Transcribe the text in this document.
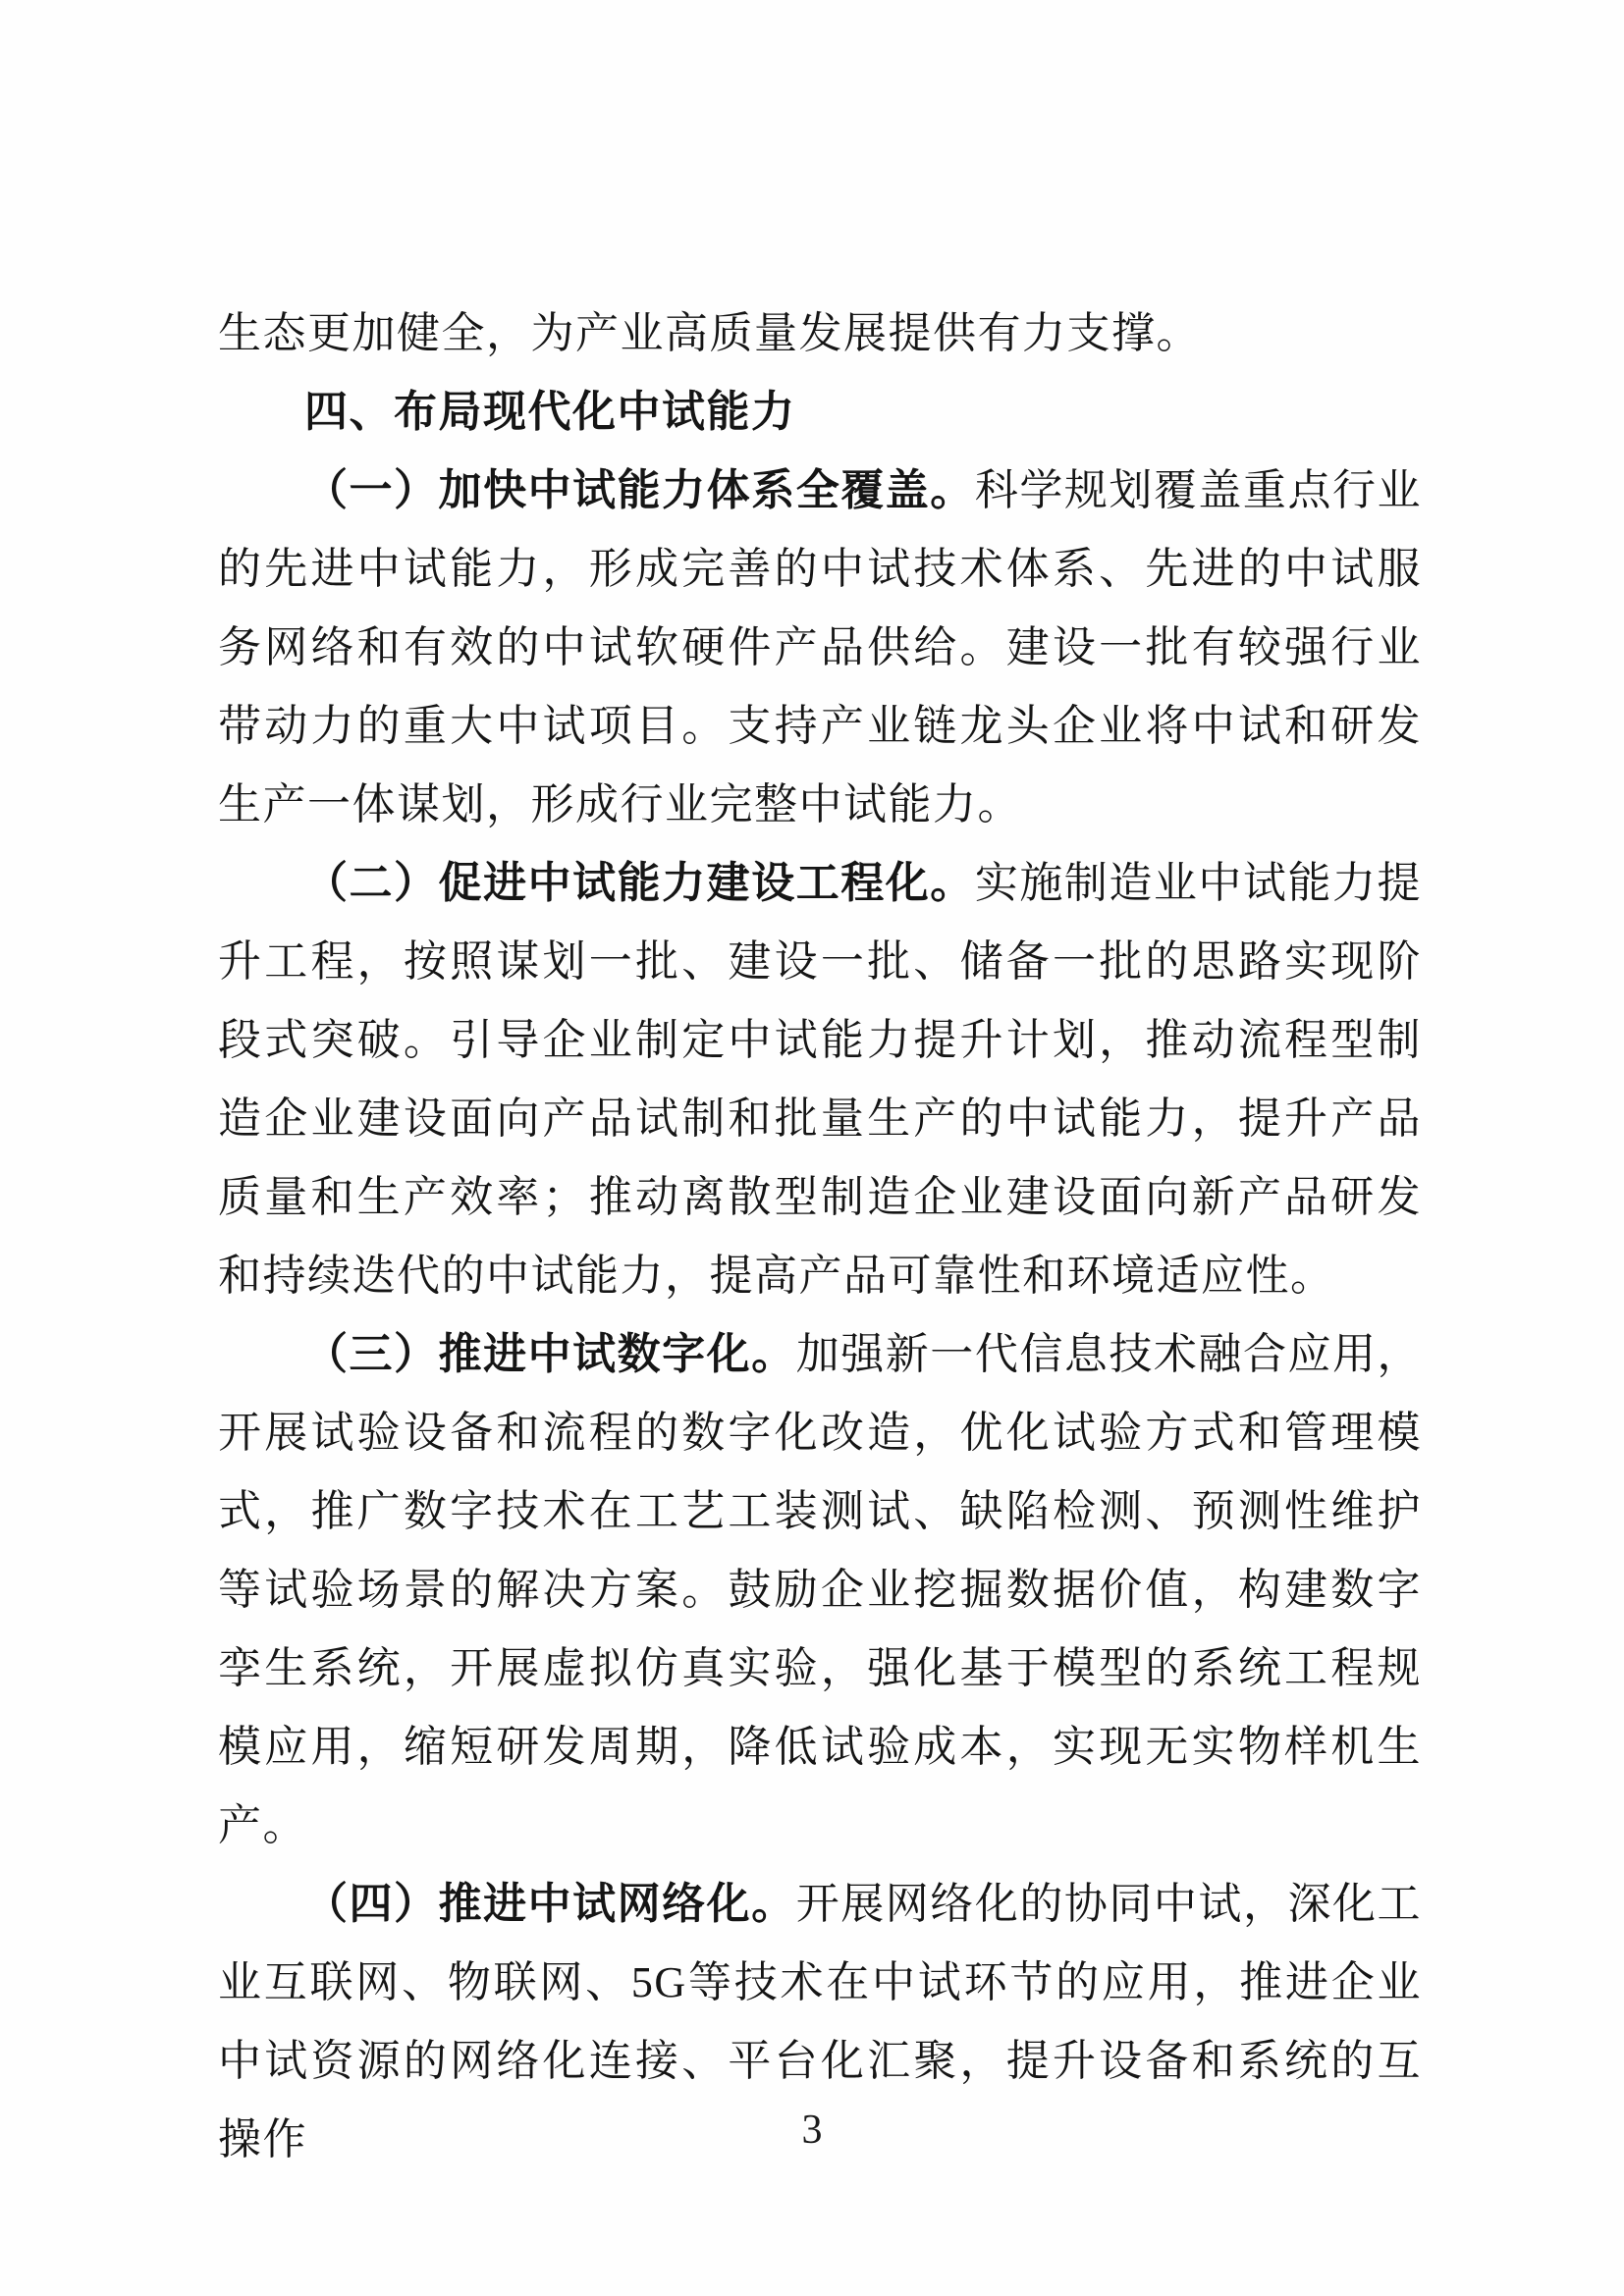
生态更加健全，为产业高质量发展提供有力支撑。

四、布局现代化中试能力

（一）加快中试能力体系全覆盖。科学规划覆盖重点行业的先进中试能力，形成完善的中试技术体系、先进的中试服务网络和有效的中试软硬件产品供给。建设一批有较强行业带动力的重大中试项目。支持产业链龙头企业将中试和研发生产一体谋划，形成行业完整中试能力。

（二）促进中试能力建设工程化。实施制造业中试能力提升工程，按照谋划一批、建设一批、储备一批的思路实现阶段式突破。引导企业制定中试能力提升计划，推动流程型制造企业建设面向产品试制和批量生产的中试能力，提升产品质量和生产效率；推动离散型制造企业建设面向新产品研发和持续迭代的中试能力，提高产品可靠性和环境适应性。

（三）推进中试数字化。加强新一代信息技术融合应用，开展试验设备和流程的数字化改造，优化试验方式和管理模式，推广数字技术在工艺工装测试、缺陷检测、预测性维护等试验场景的解决方案。鼓励企业挖掘数据价值，构建数字孪生系统，开展虚拟仿真实验，强化基于模型的系统工程规模应用，缩短研发周期，降低试验成本，实现无实物样机生产。

（四）推进中试网络化。开展网络化的协同中试，深化工业互联网、物联网、5G等技术在中试环节的应用，推进企业中试资源的网络化连接、平台化汇聚，提升设备和系统的互操作	3
